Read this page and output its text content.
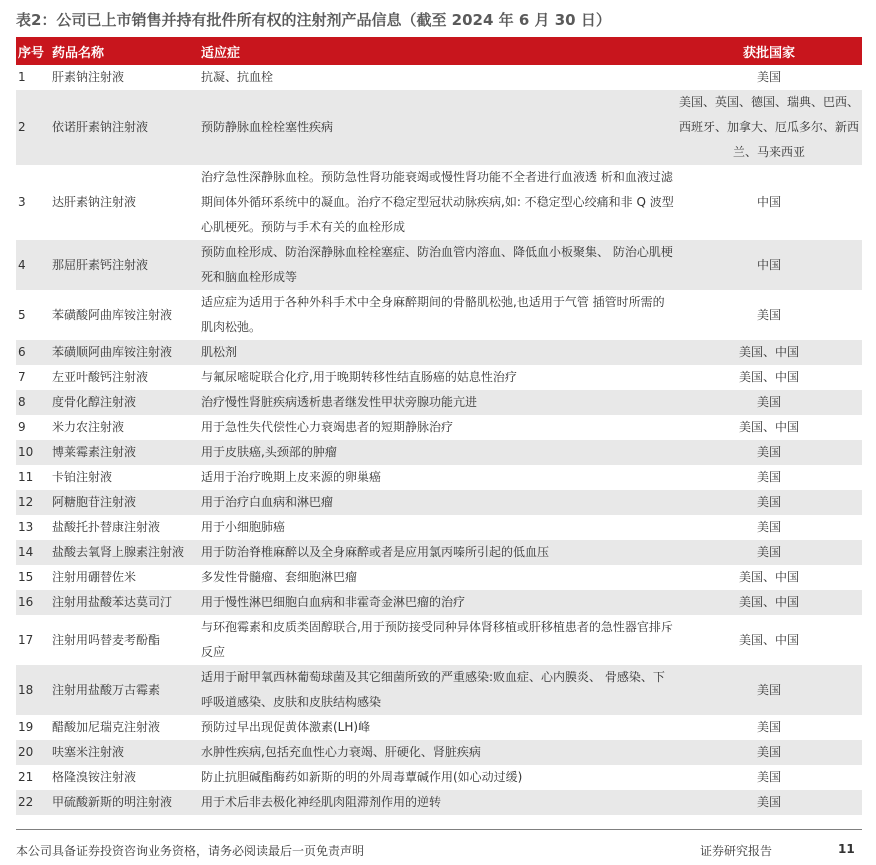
表2：公司已上市销售并持有批件所有权的注射剂产品信息（截至 2024 年 6 月 30 日）
序号	药品名称	适应症	获批国家
1	肝素钠注射液	抗凝、抗血栓	美国
2	依诺肝素钠注射液	预防静脉血栓栓塞性疾病	美国、英国、德国、瑞典、巴西、 西班牙、加拿大、厄瓜多尔、新西兰、马来西亚
3	达肝素钠注射液	治疗急性深静脉血栓。预防急性肾功能衰竭或慢性肾功能不全者进行血液透 析和血液过滤期间体外循环系统中的凝血。治疗不稳定型冠状动脉疾病,如: 不稳定型心绞痛和非 Q 波型心肌梗死。预防与手术有关的血栓形成	中国
4	那屈肝素钙注射液	预防血栓形成、防治深静脉血栓栓塞症、防治血管内溶血、降低血小板聚集、 防治心肌梗死和脑血栓形成等	中国
5	苯磺酸阿曲库铵注射液	适应症为适用于各种外科手术中全身麻醉期间的骨骼肌松弛,也适用于气管 插管时所需的肌肉松弛。	美国
6	苯磺顺阿曲库铵注射液	肌松剂	美国、中国
7	左亚叶酸钙注射液	与氟尿嘧啶联合化疗,用于晚期转移性结直肠癌的姑息性治疗	美国、中国
8	度骨化醇注射液	治疗慢性肾脏疾病透析患者继发性甲状旁腺功能亢进	美国
9	米力农注射液	用于急性失代偿性心力衰竭患者的短期静脉治疗	美国、中国
10	博莱霉素注射液	用于皮肤癌,头颈部的肿瘤	美国
11	卡铂注射液	适用于治疗晚期上皮来源的卵巢癌	美国
12	阿糖胞苷注射液	用于治疗白血病和淋巴瘤	美国
13	盐酸托扑替康注射液	用于小细胞肺癌	美国
14	盐酸去氧肾上腺素注射液	用于防治脊椎麻醉以及全身麻醉或者是应用氯丙嗪所引起的低血压	美国
15	注射用硼替佐米	多发性骨髓瘤、套细胞淋巴瘤	美国、中国
16	注射用盐酸苯达莫司汀	用于慢性淋巴细胞白血病和非霍奇金淋巴瘤的治疗	美国、中国
17	注射用吗替麦考酚酯	与环孢霉素和皮质类固醇联合,用于预防接受同种异体肾移植或肝移植患者的急性器官排斥反应	美国、中国
18	注射用盐酸万古霉素	适用于耐甲氧西林葡萄球菌及其它细菌所致的严重感染:败血症、心内膜炎、 骨感染、下呼吸道感染、皮肤和皮肤结构感染	美国
19	醋酸加尼瑞克注射液	预防过早出现促黄体激素(LH)峰	美国
20	呋塞米注射液	水肿性疾病,包括充血性心力衰竭、肝硬化、肾脏疾病	美国
21	格隆溴铵注射液	防止抗胆碱酯酶药如新斯的明的外周毒蕈碱作用(如心动过缓)	美国
22	甲硫酸新斯的明注射液	用于术后非去极化神经肌肉阻滞剂作用的逆转	美国
本公司具备证券投资咨询业务资格，请务必阅读最后一页免责声明	证券研究报告	11
